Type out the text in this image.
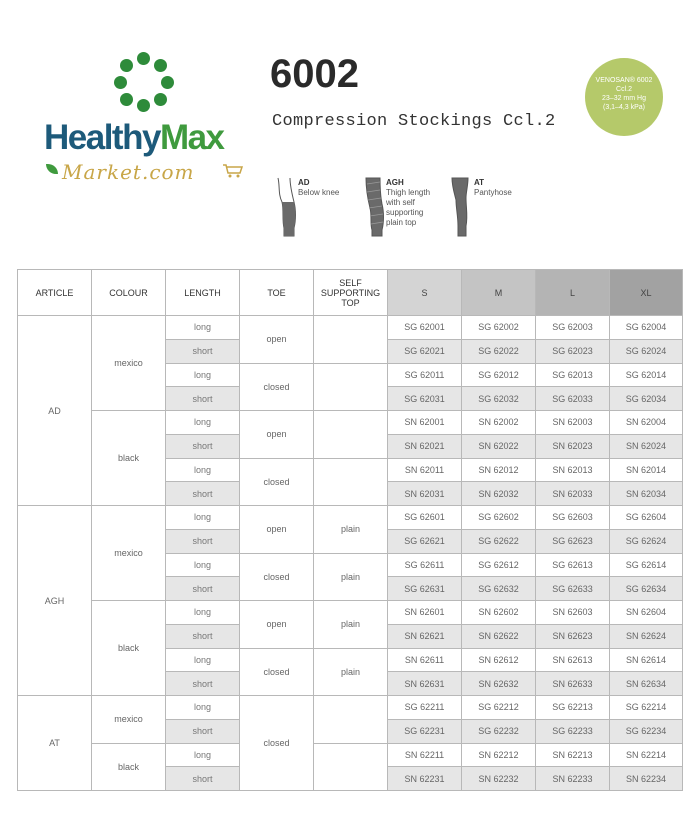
HealthyMax
Market.com
6002
Compression Stockings Ccl.2
VENOSAN® 6002
Ccl.2
23–32 mm Hg
(3,1–4,3 kPa)
AD
Below knee
AGH
Thigh length with self supporting plain top
AT
Pantyhose
ARTICLE	COLOUR	LENGTH	TOE	SELF SUPPORTING TOP	S	M	L	XL
AD	mexico	long	open		SG 62001	SG 62002	SG 62003	SG 62004
		short			SG 62021	SG 62022	SG 62023	SG 62024
		long	closed		SG 62011	SG 62012	SG 62013	SG 62014
		short			SG 62031	SG 62032	SG 62033	SG 62034
	black	long	open		SN 62001	SN 62002	SN 62003	SN 62004
		short			SN 62021	SN 62022	SN 62023	SN 62024
		long	closed		SN 62011	SN 62012	SN 62013	SN 62014
		short			SN 62031	SN 62032	SN 62033	SN 62034
AGH	mexico	long	open	plain	SG 62601	SG 62602	SG 62603	SG 62604
		short			SG 62621	SG 62622	SG 62623	SG 62624
		long	closed	plain	SG 62611	SG 62612	SG 62613	SG 62614
		short			SG 62631	SG 62632	SG 62633	SG 62634
	black	long	open	plain	SN 62601	SN 62602	SN 62603	SN 62604
		short			SN 62621	SN 62622	SN 62623	SN 62624
		long	closed	plain	SN 62611	SN 62612	SN 62613	SN 62614
		short			SN 62631	SN 62632	SN 62633	SN 62634
AT	mexico	long	closed		SG 62211	SG 62212	SG 62213	SG 62214
		short			SG 62231	SG 62232	SG 62233	SG 62234
	black	long			SN 62211	SN 62212	SN 62213	SN 62214
		short			SN 62231	SN 62232	SN 62233	SN 62234
